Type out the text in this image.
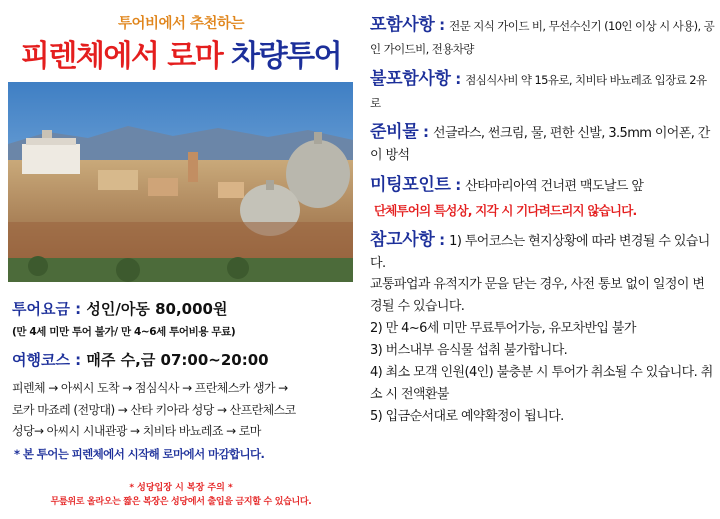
투어비에서 추천하는
피렌체에서 로마 차량투어
투어요금 : 성인/아동 80,000원
(만 4세 미만 투어 불가/ 만 4~6세 투어비용 무료)
여행코스 : 매주 수,금 07:00~20:00
피렌체 → 아씨시 도착 → 점심식사 → 프란체스카 생가 →
로카 마죠레 (전망대) → 산타 키아라 성당 → 산프란체스코
성당→ 아씨시 시내관광 → 치비타 바뇨레죠 → 로마
* 본 투어는 피렌체에서 시작해 로마에서 마감합니다.
* 성당입장 시 복장 주의 *
무릎위로 올라오는 짧은 복장은 성당에서 출입을 금지할 수 있습니다.
포함사항 : 전문 지식 가이드 비, 무선수신기 (10인 이상 시 사용), 공인 가이드비, 전용차량
불포함사항 : 점심식사비 약 15유로, 치비타 바뇨레죠 입장료 2유로
준비물 : 선글라스, 썬크림, 물, 편한 신발, 3.5mm 이어폰, 간이 방석
미팅포인트 : 산타마리아역 건너편 맥도날드 앞
단체투어의 특성상, 지각 시 기다려드리지 않습니다.
참고사항 : 1) 투어코스는 현지상황에 따라 변경될 수 있습니다.

교통파업과 유적지가 문을 닫는 경우, 사전 통보 없이 일정이 변경될 수 있습니다.

2) 만 4~6세 미만 무료투어가능, 유모차반입 불가

3) 버스내부 음식물 섭취 불가합니다.

4) 최소 모객 인원(4인) 불충분 시 투어가 취소될 수 있습니다. 취소 시 전액환불

5) 입금순서대로 예약확정이 됩니다.
